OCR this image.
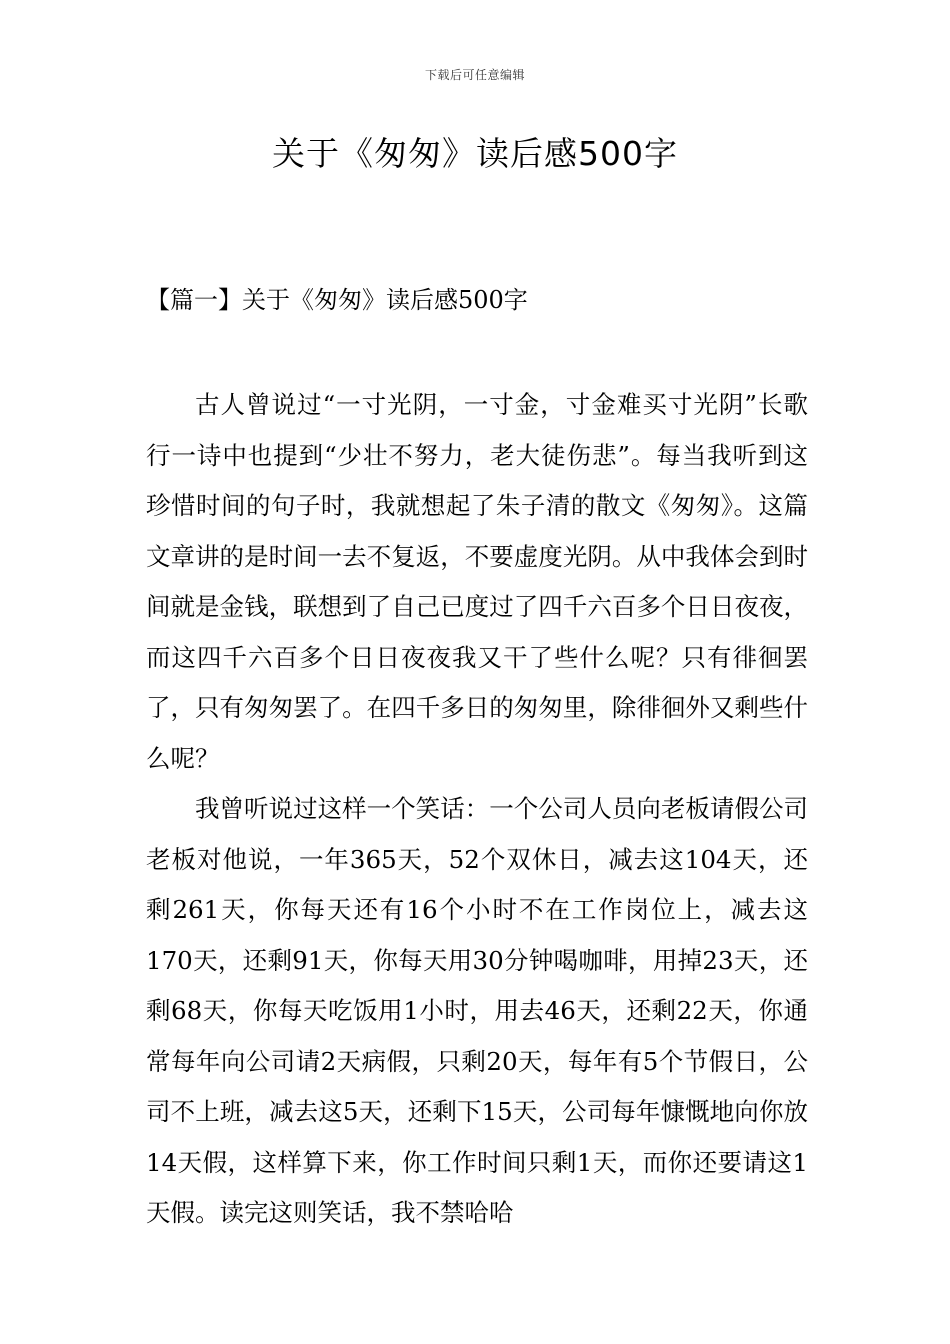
下载后可任意编辑
关于《匆匆》读后感500字
【篇一】关于《匆匆》读后感500字

古人曾说过“一寸光阴，一寸金，寸金难买寸光阴”长歌行一诗中也提到“少壮不努力，老大徒伤悲”。每当我听到这珍惜时间的句子时，我就想起了朱子清的散文《匆匆》。这篇文章讲的是时间一去不复返，不要虚度光阴。从中我体会到时间就是金钱，联想到了自己已度过了四千六百多个日日夜夜，而这四千六百多个日日夜夜我又干了些什么呢？只有徘徊罢了，只有匆匆罢了。在四千多日的匆匆里，除徘徊外又剩些什么呢？

我曾听说过这样一个笑话：一个公司人员向老板请假公司老板对他说，一年365天，52个双休日，减去这104天，还剩261天，你每天还有16个小时不在工作岗位上，减去这170天，还剩91天，你每天用30分钟喝咖啡，用掉23天，还剩68天，你每天吃饭用1小时，用去46天，还剩22天，你通常每年向公司请2天病假，只剩20天，每年有5个节假日，公司不上班，减去这5天，还剩下15天，公司每年慷慨地向你放14天假，这样算下来，你工作时间只剩1天，而你还要请这1天假。读完这则笑话，我不禁哈哈
